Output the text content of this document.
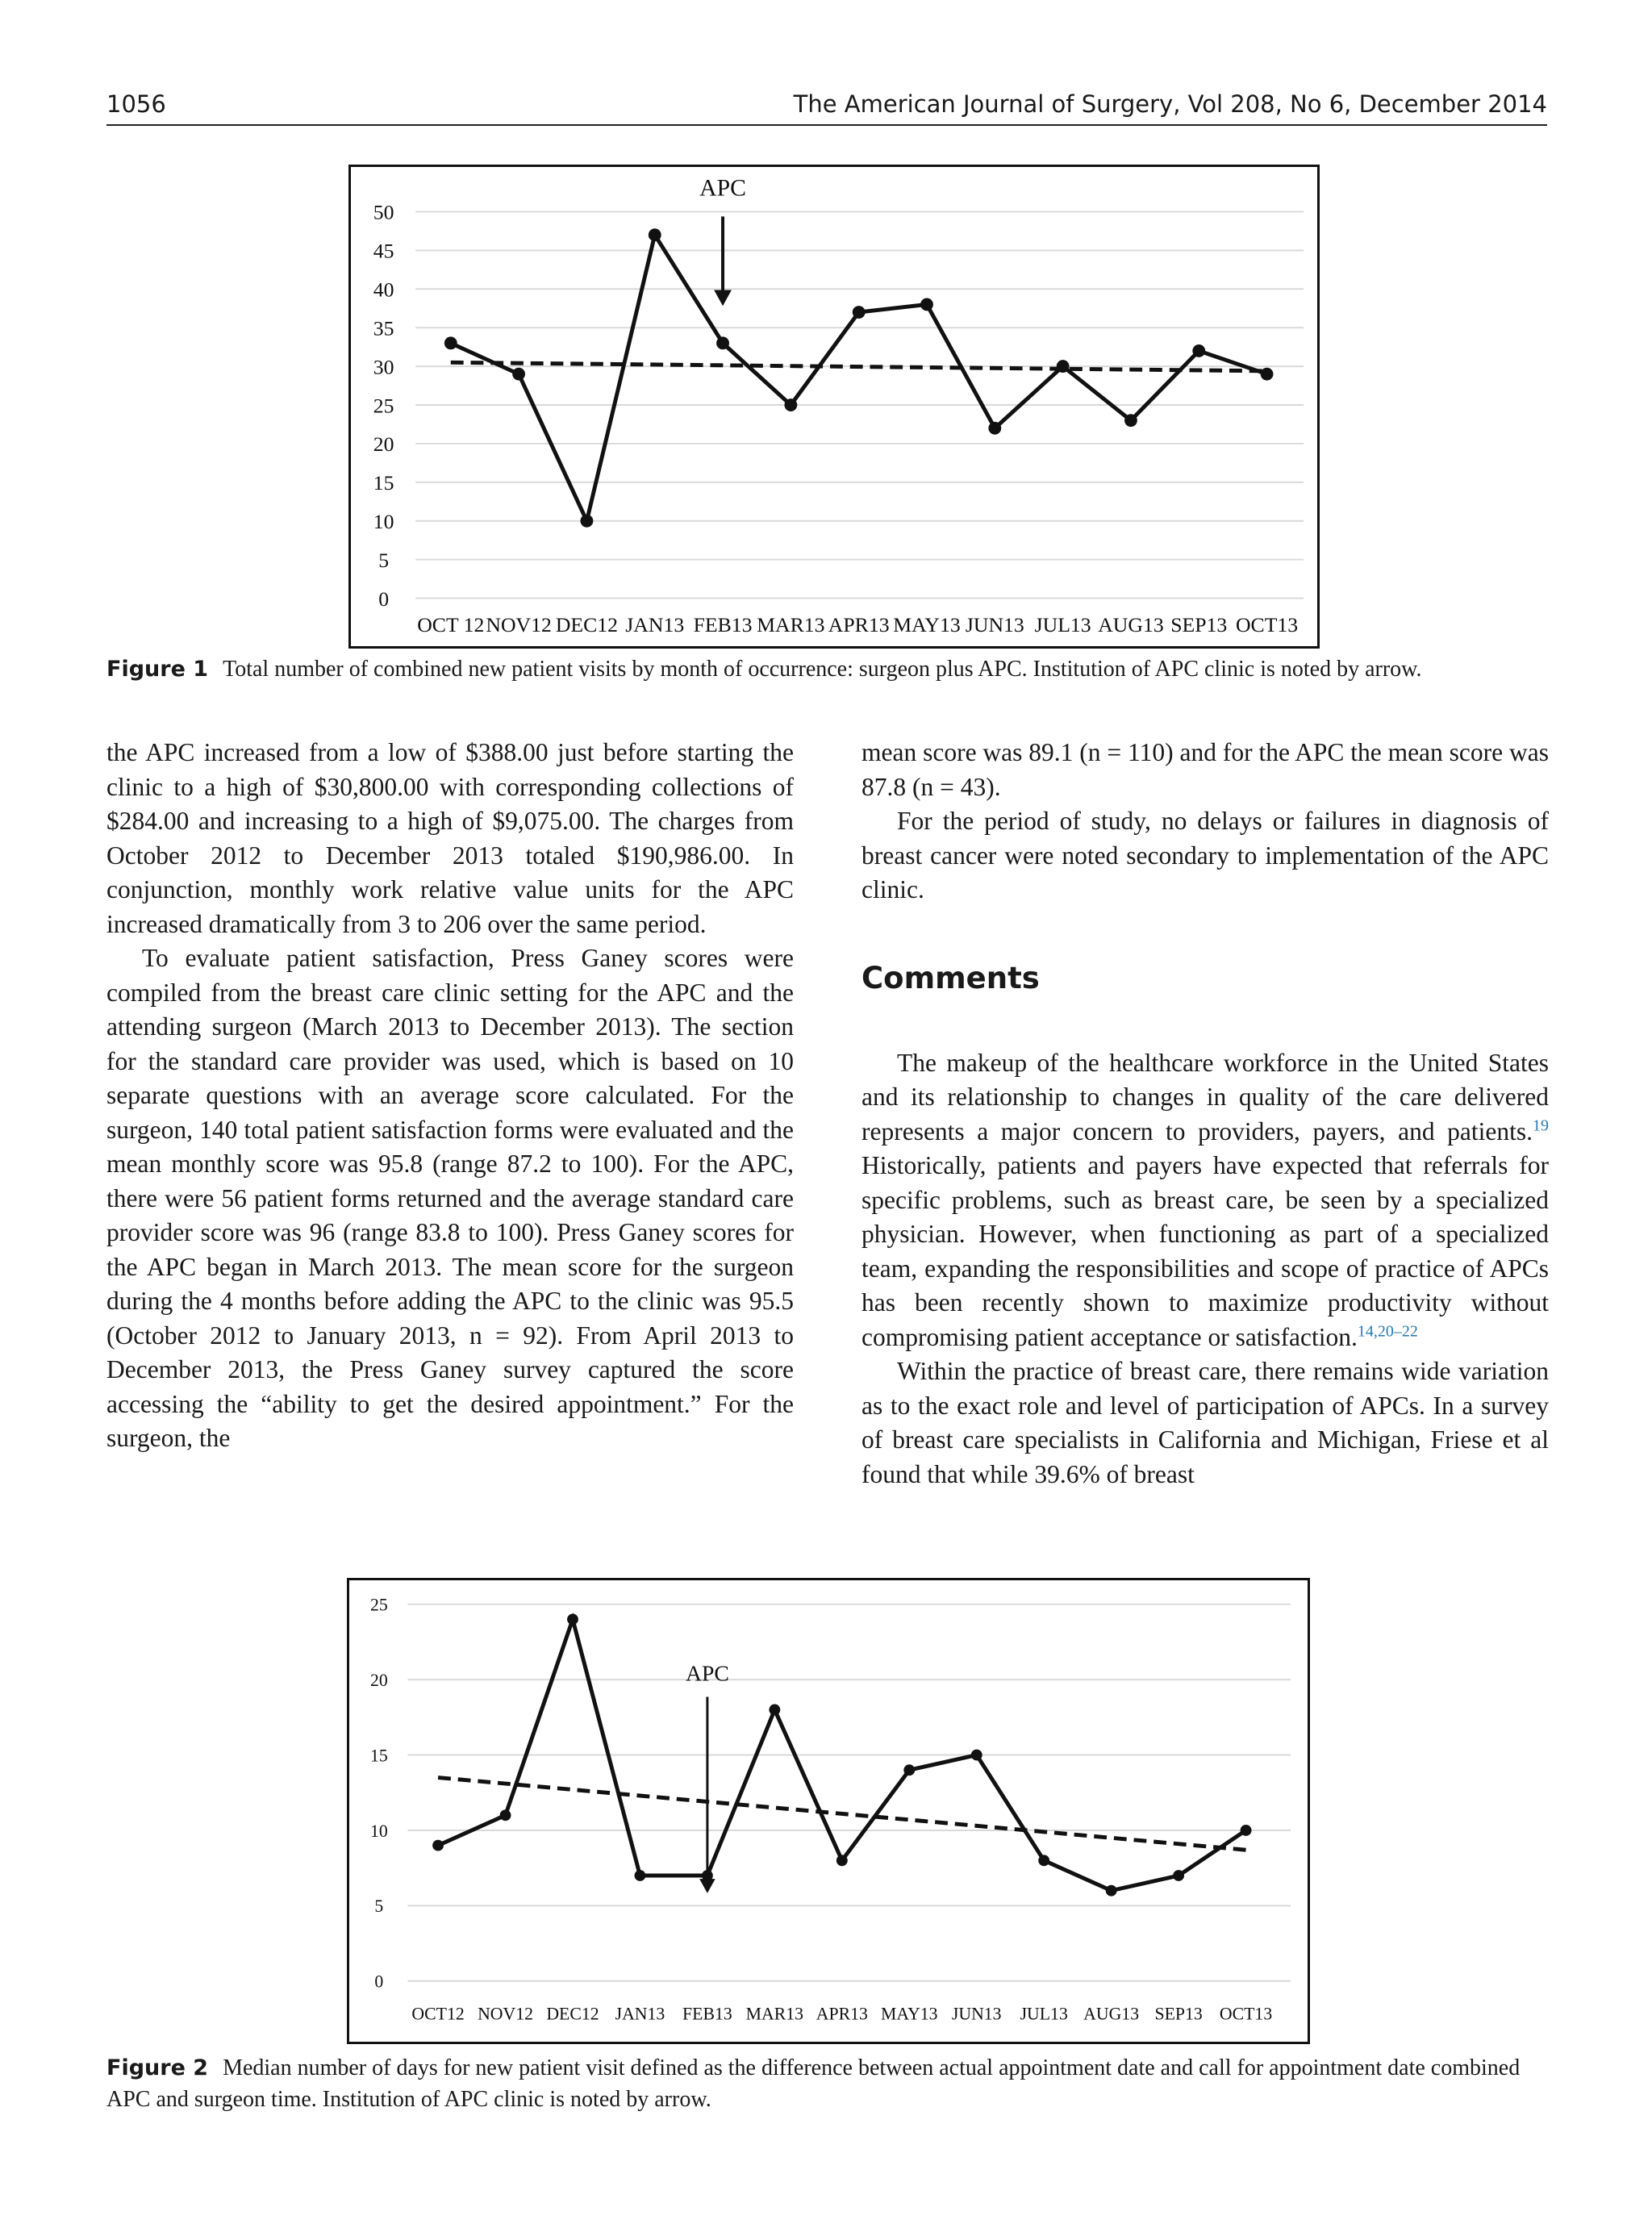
1056	The American Journal of Surgery, Vol 208, No 6, December 2014
0
5
10
15
20
25
30
35
40
45
50
OCT 12 NOV12 DEC12 JAN13 FEB13 MAR13 APR13 MAY13 JUN13 JUL13 AUG13 SEP13 OCT13
APC
Figure 1 Total number of combined new patient visits by month of occurrence: surgeon plus APC. Institution of APC clinic is noted by arrow.

the APC increased from a low of $388.00 just before starting the clinic to a high of $30,800.00 with corresponding collections of $284.00 and increasing to a high of $9,075.00. The charges from October 2012 to December 2013 totaled $190,986.00. In conjunction, monthly work relative value units for the APC increased dramatically from 3 to 206 over the same period.

To evaluate patient satisfaction, Press Ganey scores were compiled from the breast care clinic setting for the APC and the attending surgeon (March 2013 to December 2013). The section for the standard care provider was used, which is based on 10 separate questions with an average score calculated. For the surgeon, 140 total patient satisfaction forms were evaluated and the mean monthly score was 95.8 (range 87.2 to 100). For the APC, there were 56 patient forms returned and the average standard care provider score was 96 (range 83.8 to 100). Press Ganey scores for the APC began in March 2013. The mean score for the surgeon during the 4 months before adding the APC to the clinic was 95.5 (October 2012 to January 2013, n = 92). From April 2013 to December 2013, the Press Ganey survey captured the score accessing the “ability to get the desired appointment.” For the surgeon, the

mean score was 89.1 (n = 110) and for the APC the mean score was 87.8 (n = 43).

For the period of study, no delays or failures in diagnosis of breast cancer were noted secondary to implementation of the APC clinic.

Comments

The makeup of the healthcare workforce in the United States and its relationship to changes in quality of the care delivered represents a major concern to providers, payers, and patients.$^{19}$ Historically, patients and payers have expected that referrals for specific problems, such as breast care, be seen by a specialized physician. However, when functioning as part of a specialized team, expanding the responsibilities and scope of practice of APCs has been recently shown to maximize productivity without compromising patient acceptance or satisfaction.$^{14,20-22}$

Within the practice of breast care, there remains wide variation as to the exact role and level of participation of APCs. In a survey of breast care specialists in California and Michigan, Friese et al found that while 39.6% of breast

0
5
10
15
20
25
OCT12 NOV12 DEC12 JAN13 FEB13 MAR13 APR13 MAY13 JUN13 JUL13 AUG13 SEP13 OCT13
APC
Figure 2 Median number of days for new patient visit defined as the difference between actual appointment date and call for appointment date combined APC and surgeon time. Institution of APC clinic is noted by arrow.
